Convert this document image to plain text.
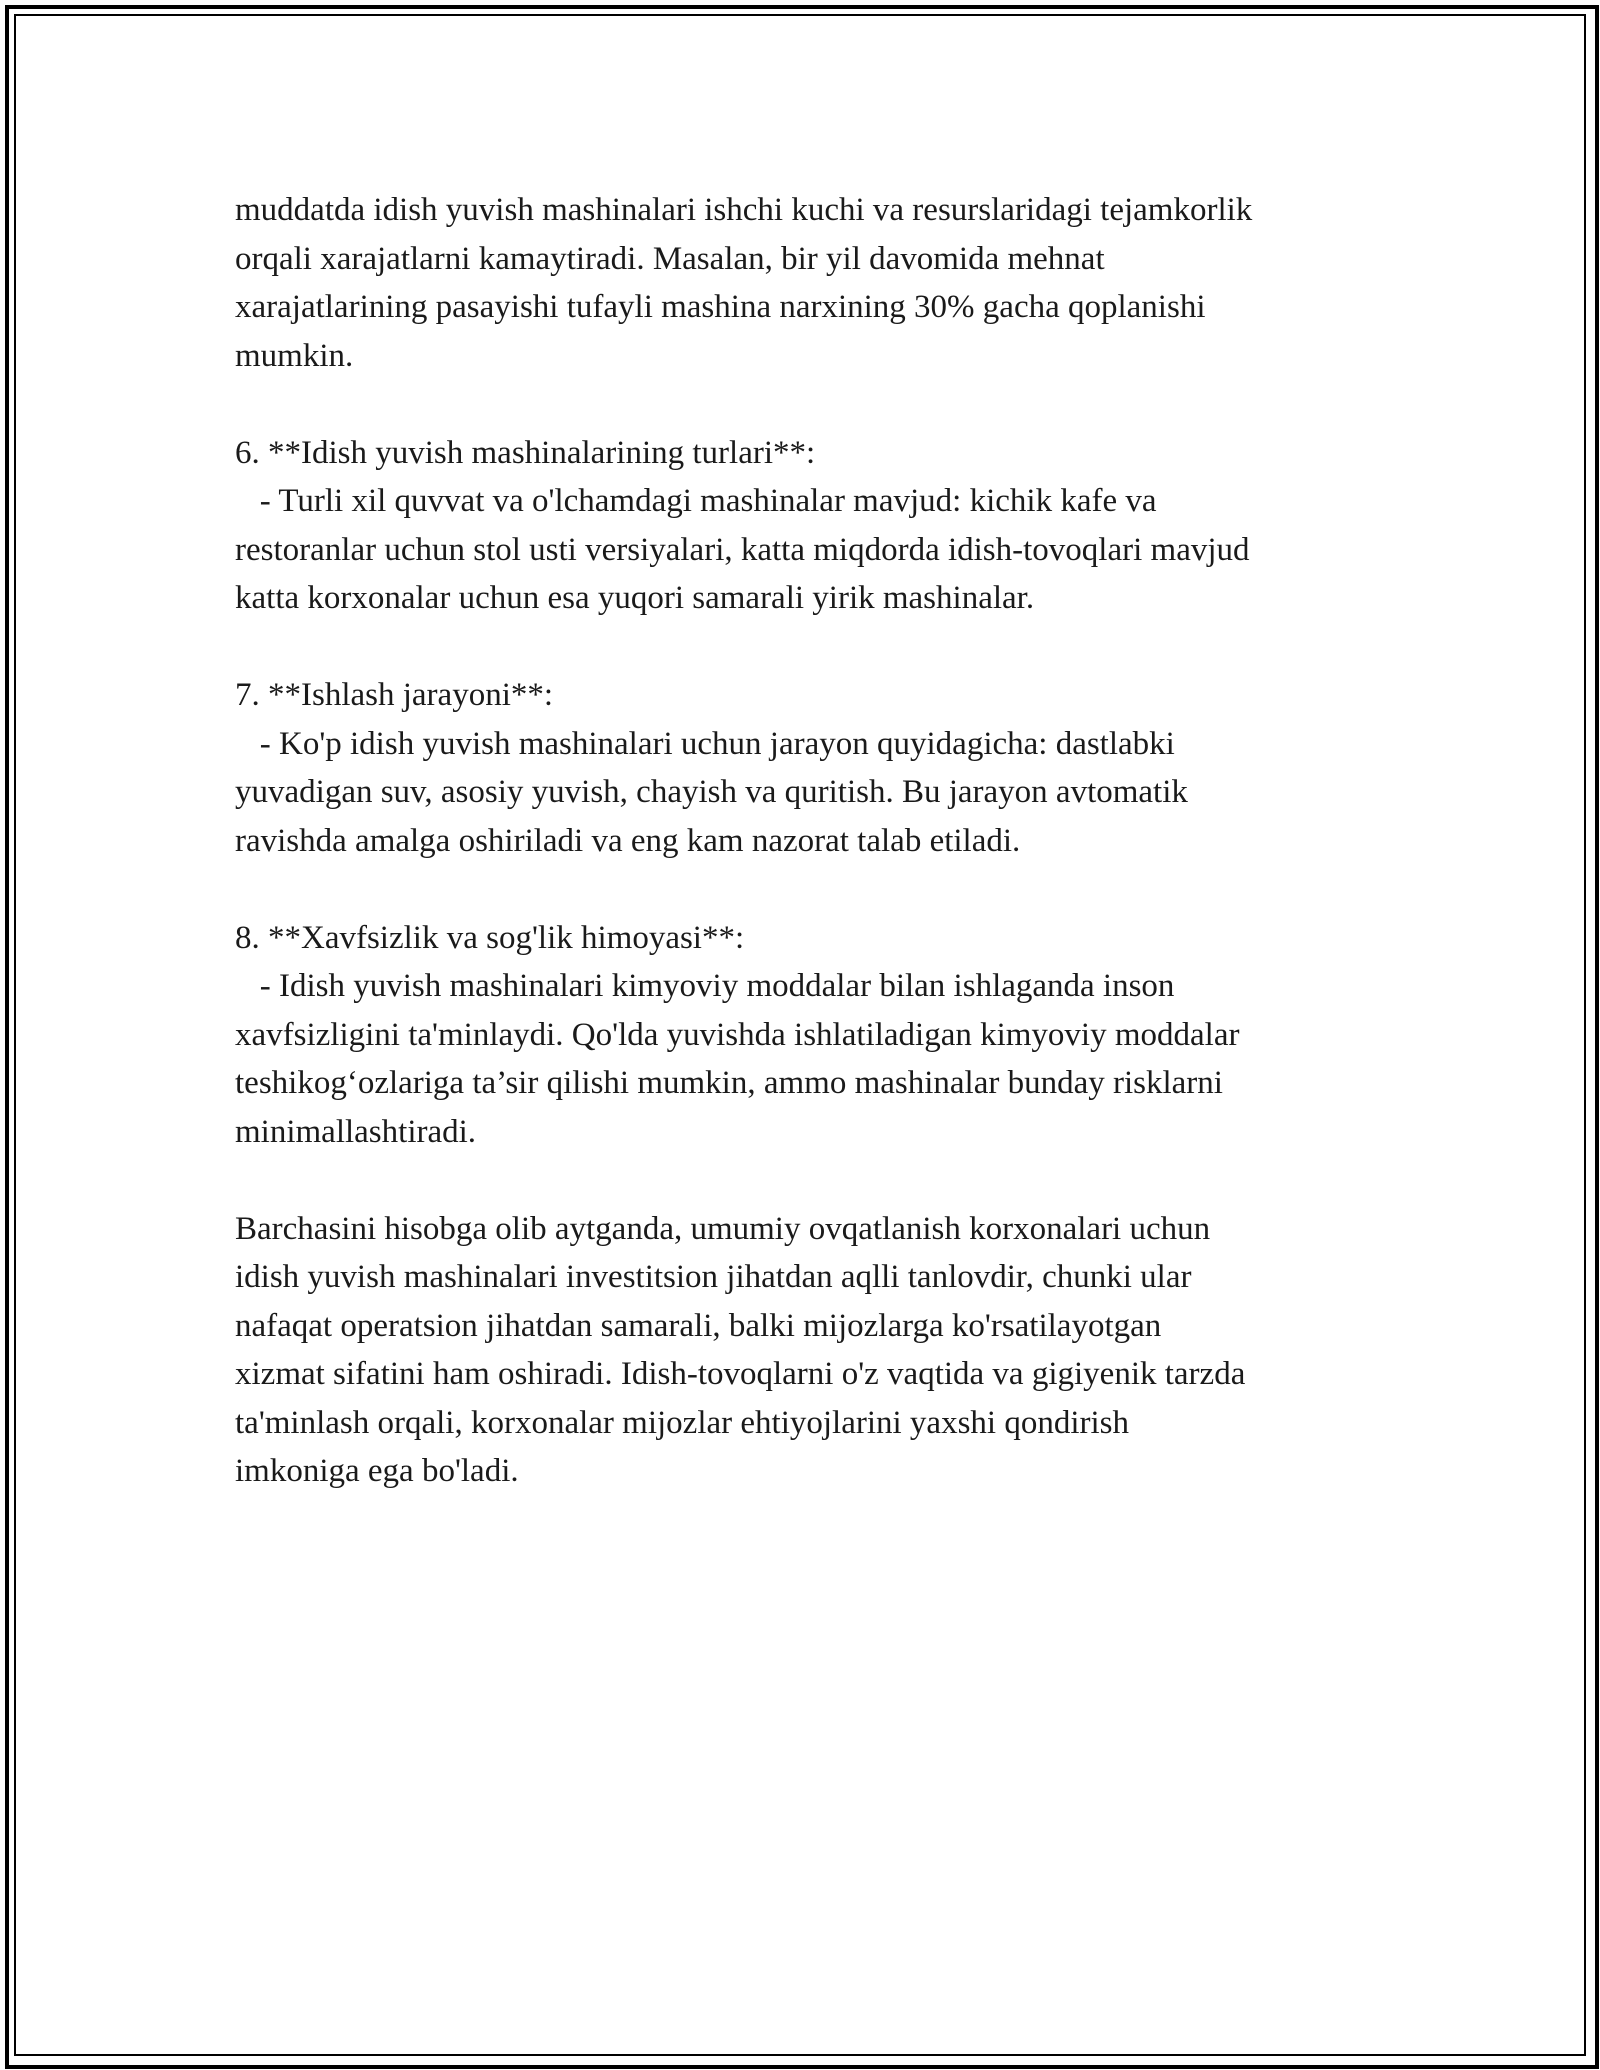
muddatda idish yuvish mashinalari ishchi kuchi va resurslaridagi tejamkorlik
orqali xarajatlarni kamaytiradi. Masalan, bir yil davomida mehnat
xarajatlarining pasayishi tufayli mashina narxining 30% gacha qoplanishi
mumkin.
6. **Idish yuvish mashinalarining turlari**:
- Turli xil quvvat va o'lchamdagi mashinalar mavjud: kichik kafe va
restoranlar uchun stol usti versiyalari, katta miqdorda idish-tovoqlari mavjud
katta korxonalar uchun esa yuqori samarali yirik mashinalar.
7. **Ishlash jarayoni**:
- Ko'p idish yuvish mashinalari uchun jarayon quyidagicha: dastlabki
yuvadigan suv, asosiy yuvish, chayish va quritish. Bu jarayon avtomatik
ravishda amalga oshiriladi va eng kam nazorat talab etiladi.
8. **Xavfsizlik va sog'lik himoyasi**:
- Idish yuvish mashinalari kimyoviy moddalar bilan ishlaganda inson
xavfsizligini ta'minlaydi. Qo'lda yuvishda ishlatiladigan kimyoviy moddalar
teshikogʻozlariga ta’sir qilishi mumkin, ammo mashinalar bunday risklarni
minimallashtiradi.
Barchasini hisobga olib aytganda, umumiy ovqatlanish korxonalari uchun
idish yuvish mashinalari investitsion jihatdan aqlli tanlovdir, chunki ular
nafaqat operatsion jihatdan samarali, balki mijozlarga ko'rsatilayotgan
xizmat sifatini ham oshiradi. Idish-tovoqlarni o'z vaqtida va gigiyenik tarzda
ta'minlash orqali, korxonalar mijozlar ehtiyojlarini yaxshi qondirish
imkoniga ega bo'ladi.
